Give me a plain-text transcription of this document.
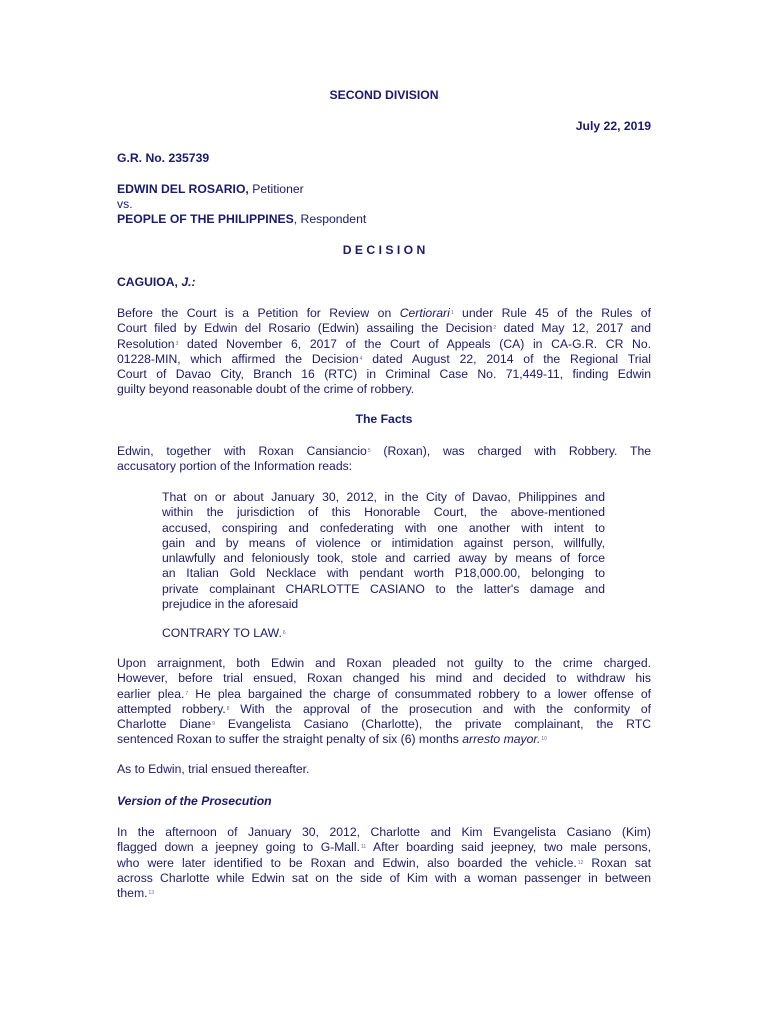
SECOND DIVISION
July 22, 2019
G.R. No. 235739
EDWIN DEL ROSARIO, Petitioner
vs.
PEOPLE OF THE PHILIPPINES, Respondent
D E C I S I O N
CAGUIOA, J.:
Before the Court is a Petition for Review on Certiorari$^1$ under Rule 45 of the Rules of
Court filed by Edwin del Rosario (Edwin) assailing the Decision$^2$ dated May 12, 2017 and
Resolution$^3$ dated November 6, 2017 of the Court of Appeals (CA) in CA-G.R. CR No.
01228-MIN, which affirmed the Decision$^4$ dated August 22, 2014 of the Regional Trial
Court of Davao City, Branch 16 (RTC) in Criminal Case No. 71,449-11, finding Edwin
guilty beyond reasonable doubt of the crime of robbery.
The Facts
Edwin, together with Roxan Cansiancio$^5$ (Roxan), was charged with Robbery. The
accusatory portion of the Information reads:
That on or about January 30, 2012, in the City of Davao, Philippines and
within the jurisdiction of this Honorable Court, the above-mentioned
accused, conspiring and confederating with one another with intent to
gain and by means of violence or intimidation against person, willfully,
unlawfully and feloniously took, stole and carried away by means of force
an Italian Gold Necklace with pendant worth P18,000.00, belonging to
private complainant CHARLOTTE CASIANO to the latter's damage and
prejudice in the aforesaid
CONTRARY TO LAW.$^6$
Upon arraignment, both Edwin and Roxan pleaded not guilty to the crime charged.
However, before trial ensued, Roxan changed his mind and decided to withdraw his
earlier plea.$^7$ He plea bargained the charge of consummated robbery to a lower offense of
attempted robbery.$^8$ With the approval of the prosecution and with the conformity of
Charlotte Diane$^9$ Evangelista Casiano (Charlotte), the private complainant, the RTC
sentenced Roxan to suffer the straight penalty of six (6) months arresto mayor.$^{10}$
As to Edwin, trial ensued thereafter.
Version of the Prosecution
In the afternoon of January 30, 2012, Charlotte and Kim Evangelista Casiano (Kim)
flagged down a jeepney going to G-Mall.$^{11}$ After boarding said jeepney, two male persons,
who were later identified to be Roxan and Edwin, also boarded the vehicle.$^{12}$ Roxan sat
across Charlotte while Edwin sat on the side of Kim with a woman passenger in between
them.$^{13}$
